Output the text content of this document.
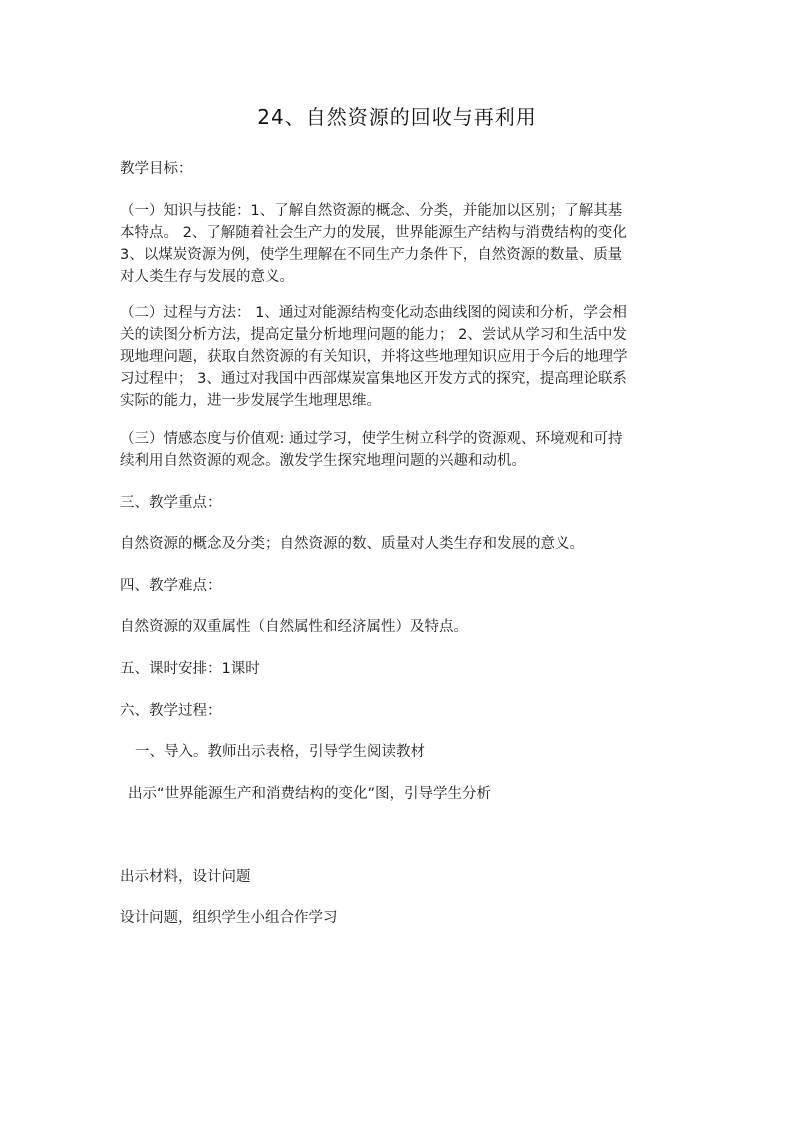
24、自然资源的回收与再利用
教学目标：
（一）知识与技能：1、了解自然资源的概念、分类，并能加以区别；了解其基
本特点。 2、了解随着社会生产力的发展，世界能源生产结构与消费结构的变化
3、以煤炭资源为例，使学生理解在不同生产力条件下，自然资源的数量、质量
对人类生存与发展的意义。
（二）过程与方法： 1、通过对能源结构变化动态曲线图的阅读和分析，学会相
关的读图分析方法，提高定量分析地理问题的能力； 2、尝试从学习和生活中发
现地理问题，获取自然资源的有关知识，并将这些地理知识应用于今后的地理学
习过程中； 3、通过对我国中西部煤炭富集地区开发方式的探究，提高理论联系
实际的能力，进一步发展学生地理思维。
（三）情感态度与价值观: 通过学习，使学生树立科学的资源观、环境观和可持
续利用自然资源的观念。激发学生探究地理问题的兴趣和动机。
三、教学重点：
自然资源的概念及分类；自然资源的数、质量对人类生存和发展的意义。
四、教学难点：
自然资源的双重属性（自然属性和经济属性）及特点。
五、课时安排：1课时
六、教学过程：
一、导入。教师出示表格，引导学生阅读教材
出示“世界能源生产和消费结构的变化”图，引导学生分析
出示材料，设计问题
设计问题，组织学生小组合作学习
